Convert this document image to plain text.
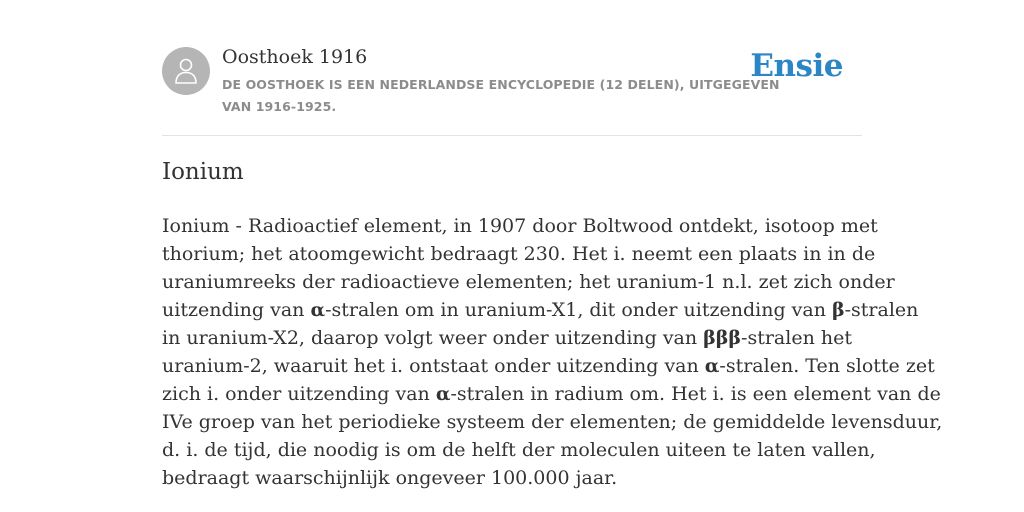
Oosthoek 1916
DE OOSTHOEK IS EEN NEDERLANDSE ENCYCLOPEDIE (12 DELEN), UITGEGEVEN
VAN 1916-1925.
Ensie
Ionium
Ionium - Radioactief element, in 1907 door Boltwood ontdekt, isotoop met
thorium; het atoomgewicht bedraagt 230. Het i. neemt een plaats in in de
uraniumreeks der radioactieve elementen; het uranium-1 n.l. zet zich onder
uitzending van α-stralen om in uranium-X1, dit onder uitzending van β-stralen
in uranium-X2, daarop volgt weer onder uitzending van βββ-stralen het
uranium-2, waaruit het i. ontstaat onder uitzending van α-stralen. Ten slotte zet
zich i. onder uitzending van α-stralen in radium om. Het i. is een element van de
IVe groep van het periodieke systeem der elementen; de gemiddelde levensduur,
d. i. de tijd, die noodig is om de helft der moleculen uiteen te laten vallen,
bedraagt waarschijnlijk ongeveer 100.000 jaar.
